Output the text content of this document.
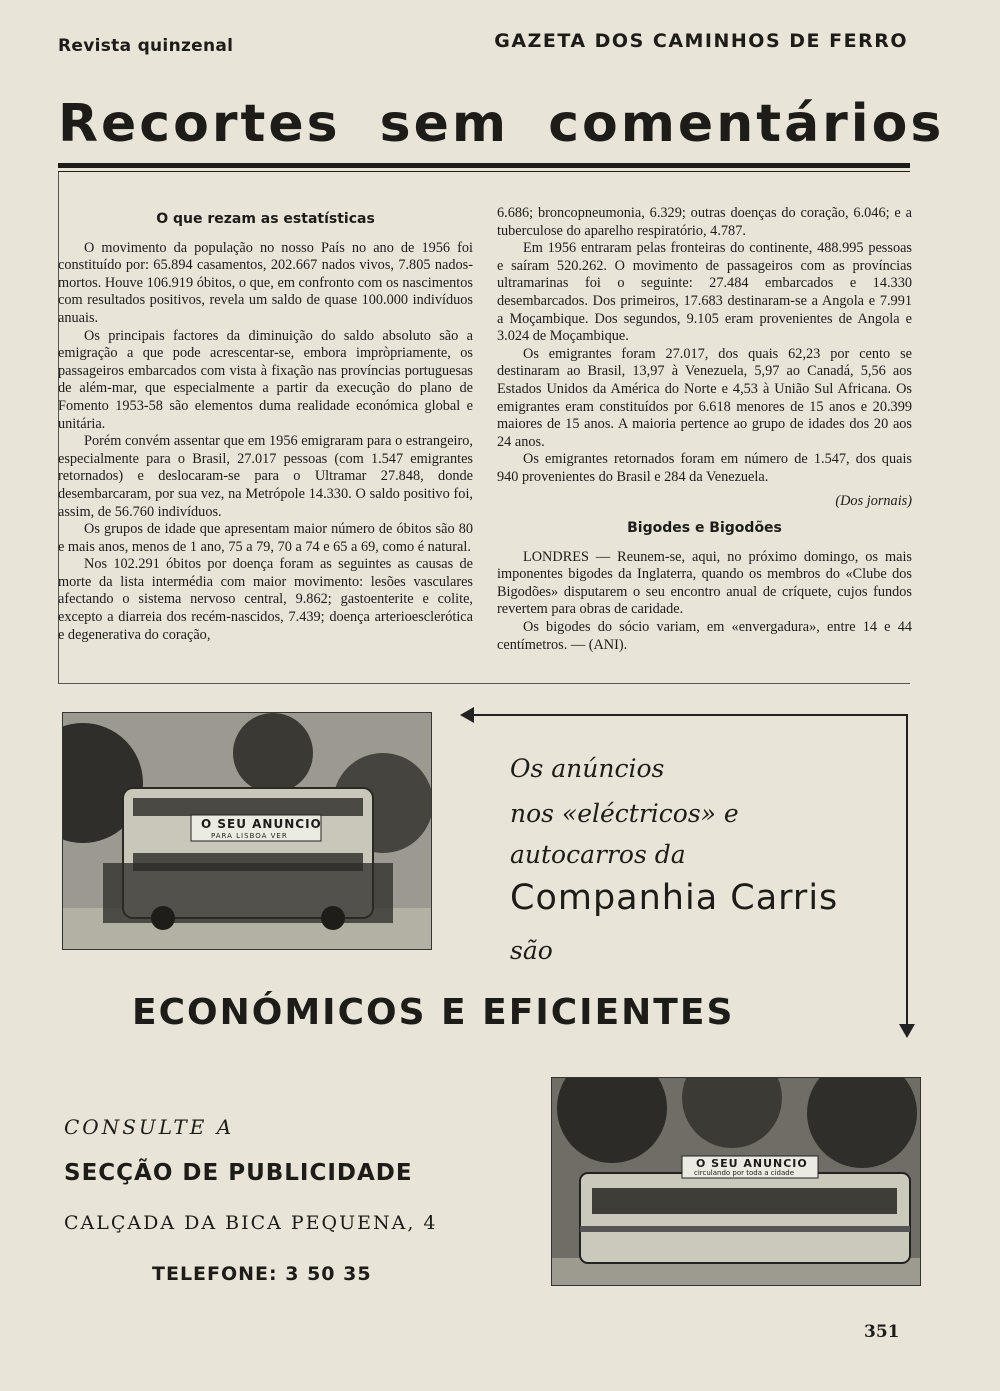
Revista quinzenal	GAZETA DOS CAMINHOS DE FERRO
Recortes sem comentários

O que rezam as estatísticas

O movimento da população no nosso País no ano de 1956 foi constituído por: 65.894 casamentos, 202.667 nados vivos, 7.805 nados-mortos. Houve 106.919 óbitos, o que, em confronto com os nascimentos com resultados positivos, revela um saldo de quase 100.000 indivíduos anuais.

Os principais factores da diminuição do saldo absoluto são a emigração a que pode acrescentar-se, embora impròpriamente, os passageiros embarcados com vista à fixação nas províncias portuguesas de além-mar, que especialmente a partir da execução do plano de Fomento 1953-58 são elementos duma realidade económica global e unitária.

Porém convém assentar que em 1956 emigraram para o estrangeiro, especialmente para o Brasil, 27.017 pessoas (com 1.547 emigrantes retornados) e deslocaram-se para o Ultramar 27.848, donde desembarcaram, por sua vez, na Metrópole 14.330. O saldo positivo foi, assim, de 56.760 indivíduos.

Os grupos de idade que apresentam maior número de óbitos são 80 e mais anos, menos de 1 ano, 75 a 79, 70 a 74 e 65 a 69, como é natural.

Nos 102.291 óbitos por doença foram as seguintes as causas de morte da lista intermédia com maior movimento: lesões vasculares afectando o sistema nervoso central, 9.862; gastoenterite e colite, excepto a diarreia dos recém-nascidos, 7.439; doença arterioesclerótica e degenerativa do coração,

6.686; broncopneumonia, 6.329; outras doenças do coração, 6.046; e a tuberculose do aparelho respiratório, 4.787.

Em 1956 entraram pelas fronteiras do continente, 488.995 pessoas e saíram 520.262. O movimento de passageiros com as províncias ultramarinas foi o seguinte: 27.484 embarcados e 14.330 desembarcados. Dos primeiros, 17.683 destinaram-se a Angola e 7.991 a Moçambique. Dos segundos, 9.105 eram provenientes de Angola e 3.024 de Moçambique.

Os emigrantes foram 27.017, dos quais 62,23 por cento se destinaram ao Brasil, 13,97 à Venezuela, 5,97 ao Canadá, 5,56 aos Estados Unidos da América do Norte e 4,53 à União Sul Africana. Os emigrantes eram constituídos por 6.618 menores de 15 anos e 20.399 maiores de 15 anos. A maioria pertence ao grupo de idades dos 20 aos 24 anos.

Os emigrantes retornados foram em número de 1.547, dos quais 940 provenientes do Brasil e 284 da Venezuela.

(Dos jornais)

Bigodes e Bigodões

LONDRES — Reunem-se, aqui, no próximo domingo, os mais imponentes bigodes da Inglaterra, quando os membros do «Clube dos Bigodões» disputarem o seu encontro anual de críquete, cujos fundos revertem para obras de caridade.

Os bigodes do sócio variam, em «envergadura», entre 14 e 44 centímetros. — (ANI).

O SEU ANUNCIO
PARA LISBOA VER
Os anúncios
nos «eléctricos» e
autocarros da
Companhia Carris
são
ECONÓMICOS E EFICIENTES
CONSULTE A
SECÇÃO DE PUBLICIDADE
CALÇADA DA BICA PEQUENA, 4
TELEFONE: 3 50 35
O SEU ANUNCIO
circulando por toda a cidade
351
